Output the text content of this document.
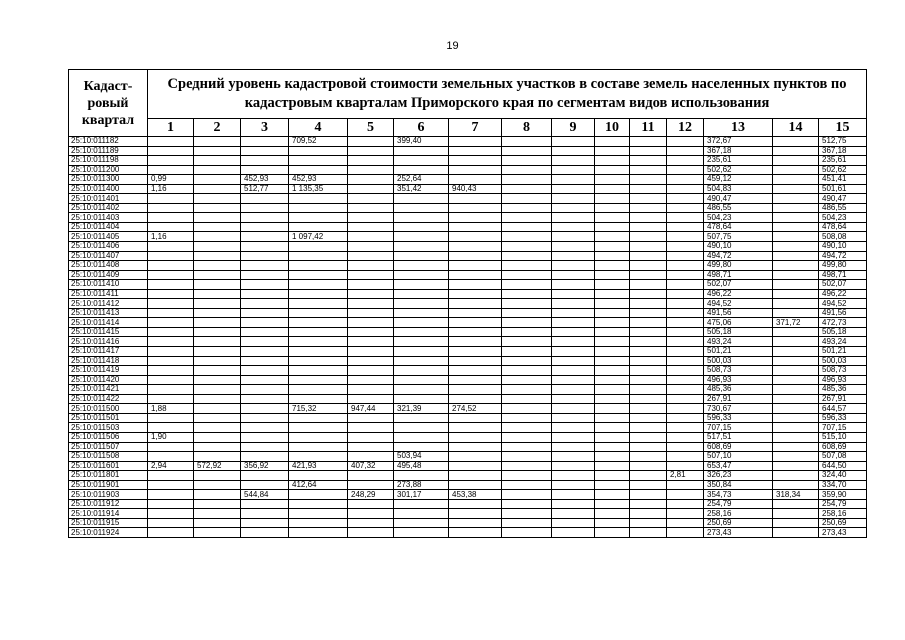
19
Кадаст-
ровый
квартал	Средний уровень кадастровой стоимости земельных участков в составе земель населенных пунктов по
кадастровым кварталам Приморского края по сегментам видов использования														
	1	2	3	4	5	6	7	8	9	10	11	12	13	14	15
25:10:011182				709,52		399,40							372,67		512,75
25:10:011189													367,18		367,18
25:10:011198													235,61		235,61
25:10:011200													502,62		502,62
25:10:011300	0,99		452,93	452,93		252,64							459,12		451,41
25:10:011400	1,16		512,77	1 135,35		351,42	940,43						504,83		501,61
25:10:011401													490,47		490,47
25:10:011402													486,55		486,55
25:10:011403													504,23		504,23
25:10:011404													478,64		478,64
25:10:011405	1,16			1 097,42									507,75		508,08
25:10:011406													490,10		490,10
25:10:011407													494,72		494,72
25:10:011408													499,80		499,80
25:10:011409													498,71		498,71
25:10:011410													502,07		502,07
25:10:011411													496,22		496,22
25:10:011412													494,52		494,52
25:10:011413													491,56		491,56
25:10:011414													475,06	371,72	472,73
25:10:011415													505,18		505,18
25:10:011416													493,24		493,24
25:10:011417													501,21		501,21
25:10:011418													500,03		500,03
25:10:011419													508,73		508,73
25:10:011420													496,93		496,93
25:10:011421													485,36		485,36
25:10:011422													267,91		267,91
25:10:011500	1,88			715,32	947,44	321,39	274,52						730,67		644,57
25:10:011501													596,33		596,33
25:10:011503													707,15		707,15
25:10:011506	1,90												517,51		515,10
25:10:011507													608,69		608,69
25:10:011508						503,94							507,10		507,08
25:10:011601	2,94	572,92	356,92	421,93	407,32	495,48							653,47		644,50
25:10:011801												2,81	326,23		324,40
25:10:011901				412,64		273,88							350,84		334,70
25:10:011903			544,84		248,29	301,17	453,38						354,73	318,34	359,90
25:10:011912													254,79		254,79
25:10:011914													258,16		258,16
25:10:011915													250,69		250,69
25:10:011924													273,43		273,43
